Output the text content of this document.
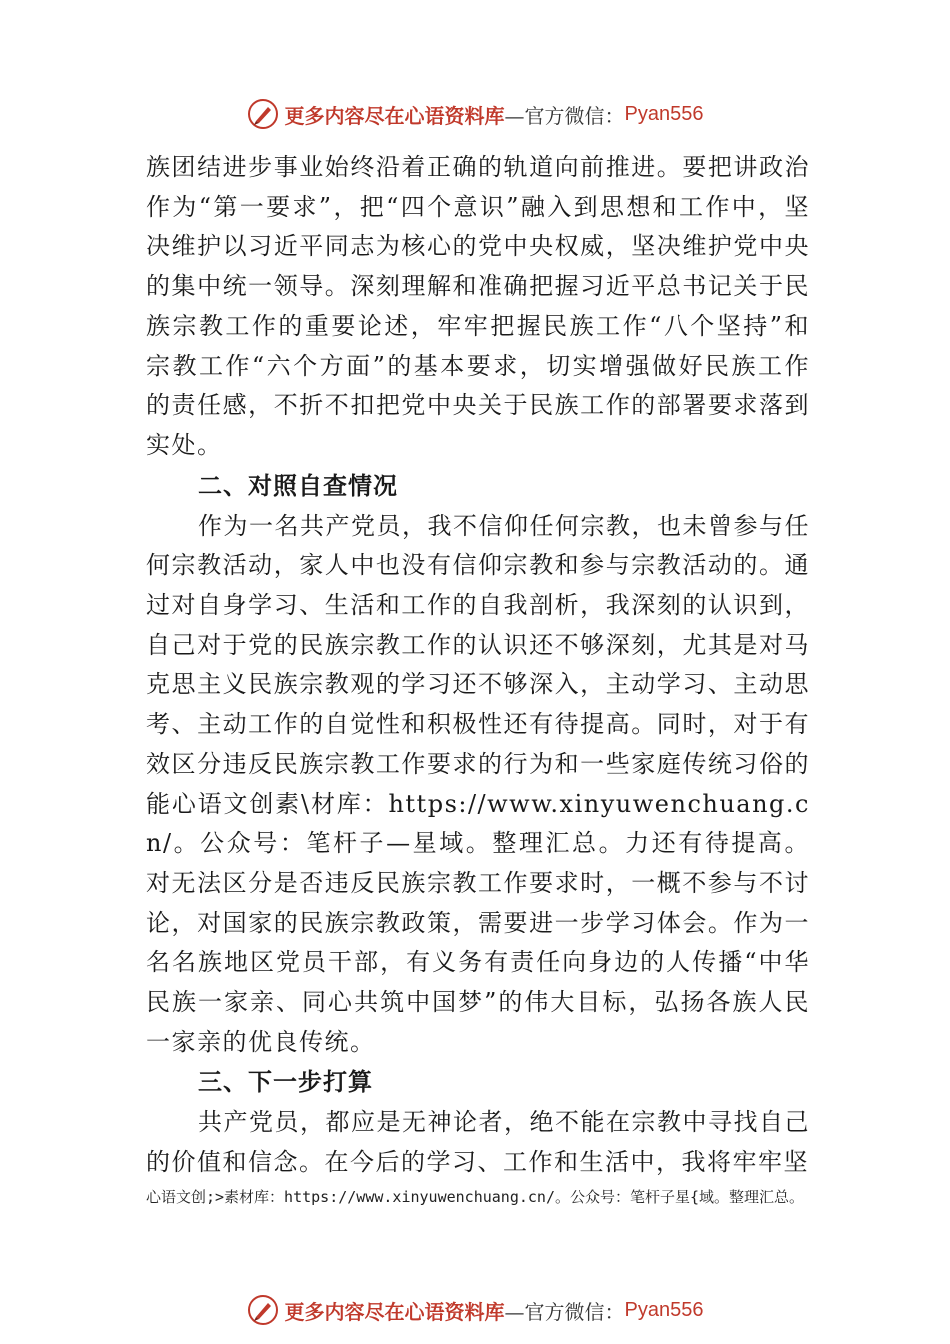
更多内容尽在心语资料库 —官方微信： Pyan556

族团结进步事业始终沿着正确的轨道向前推进。要把讲政治作为“第一要求”，把“四个意识”融入到思想和工作中，坚决维护以习近平同志为核心的党中央权威，坚决维护党中央的集中统一领导。深刻理解和准确把握习近平总书记关于民族宗教工作的重要论述，牢牢把握民族工作“八个坚持”和宗教工作“六个方面”的基本要求，切实增强做好民族工作的责任感，不折不扣把党中央关于民族工作的部署要求落到实处。

二、对照自查情况

作为一名共产党员，我不信仰任何宗教，也未曾参与任何宗教活动，家人中也没有信仰宗教和参与宗教活动的。通过对自身学习、生活和工作的自我剖析，我深刻的认识到，自己对于党的民族宗教工作的认识还不够深刻，尤其是对马克思主义民族宗教观的学习还不够深入，主动学习、主动思考、主动工作的自觉性和积极性还有待提高。同时，对于有效区分违反民族宗教工作要求的行为和一些家庭传统习俗的能心语文创素\材库：https://www.xinyuwenchuang.cn/。公众号：笔杆子—星域。整理汇总。力还有待提高。对无法区分是否违反民族宗教工作要求时，一概不参与不讨论，对国家的民族宗教政策，需要进一步学习体会。作为一名名族地区党员干部，有义务有责任向身边的人传播“中华民族一家亲、同心共筑中国梦”的伟大目标，弘扬各族人民一家亲的优良传统。

三、下一步打算

共产党员，都应是无神论者，绝不能在宗教中寻找自己的价值和信念。在今后的学习、工作和生活中，我将牢牢坚

心语文创;>素材库：https://www.xinyuwenchuang.cn/。公众号：笔杆子星{域。整理汇总。
更多内容尽在心语资料库 —官方微信： Pyan556
